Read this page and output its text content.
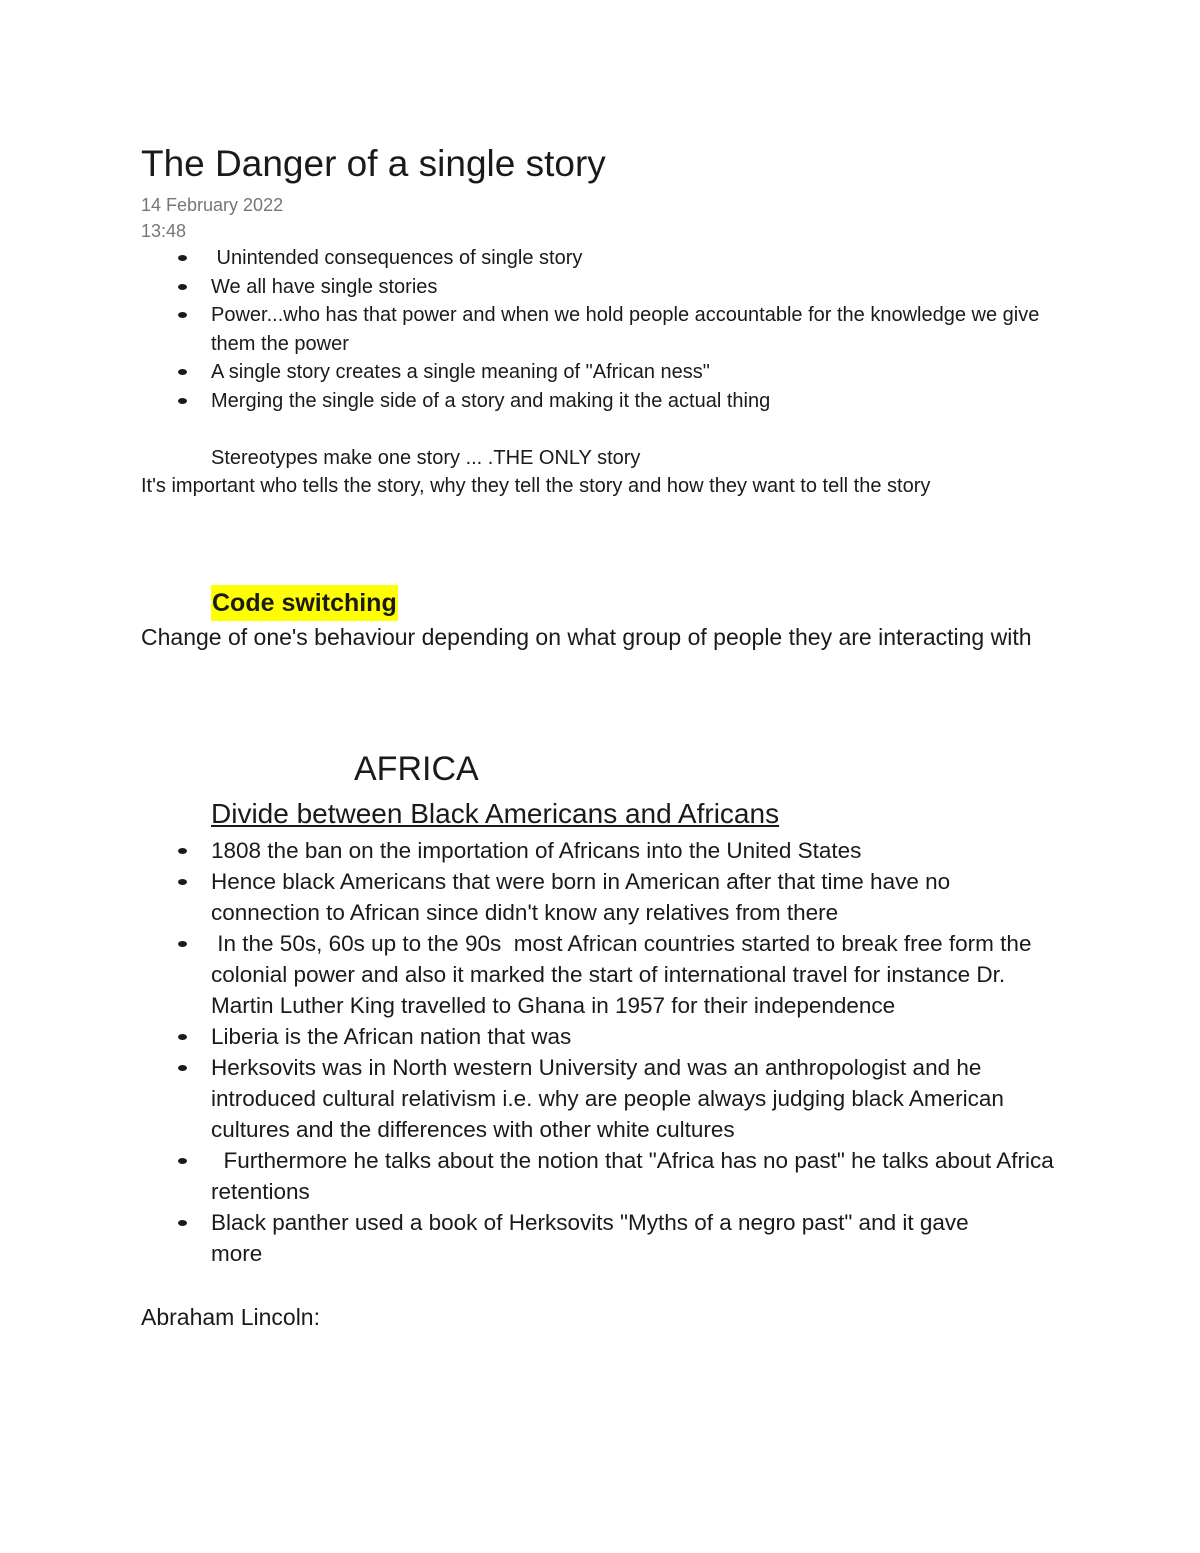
The Danger of a single story
14 February 2022
13:48
Unintended consequences of single story
We all have single stories
Power...who has that power and when we hold people accountable for the knowledge we give them the power
A single story creates a single meaning of "African ness"
Merging the single side of a story and making it the actual thing
Stereotypes make one story ... .THE ONLY story
It's important who tells the story, why they tell the story and how they want to tell the story
Code switching
Change of one's behaviour depending on what group of people they are interacting with
AFRICA
Divide between Black Americans and Africans
1808 the ban on the importation of Africans into the United States
Hence black Americans that were born in American after that time have no connection to African since didn't know any relatives from there
In the 50s, 60s up to the 90s  most African countries started to break free form the colonial power and also it marked the start of international travel for instance Dr. Martin Luther King travelled to Ghana in 1957 for their independence
Liberia is the African nation that was
Herksovits was in North western University and was an anthropologist and he introduced cultural relativism i.e. why are people always judging black American cultures and the differences with other white cultures
Furthermore he talks about the notion that "Africa has no past" he talks about Africa retentions
Black panther used a book of Herksovits "Myths of a negro past" and it gave more
Abraham Lincoln:
